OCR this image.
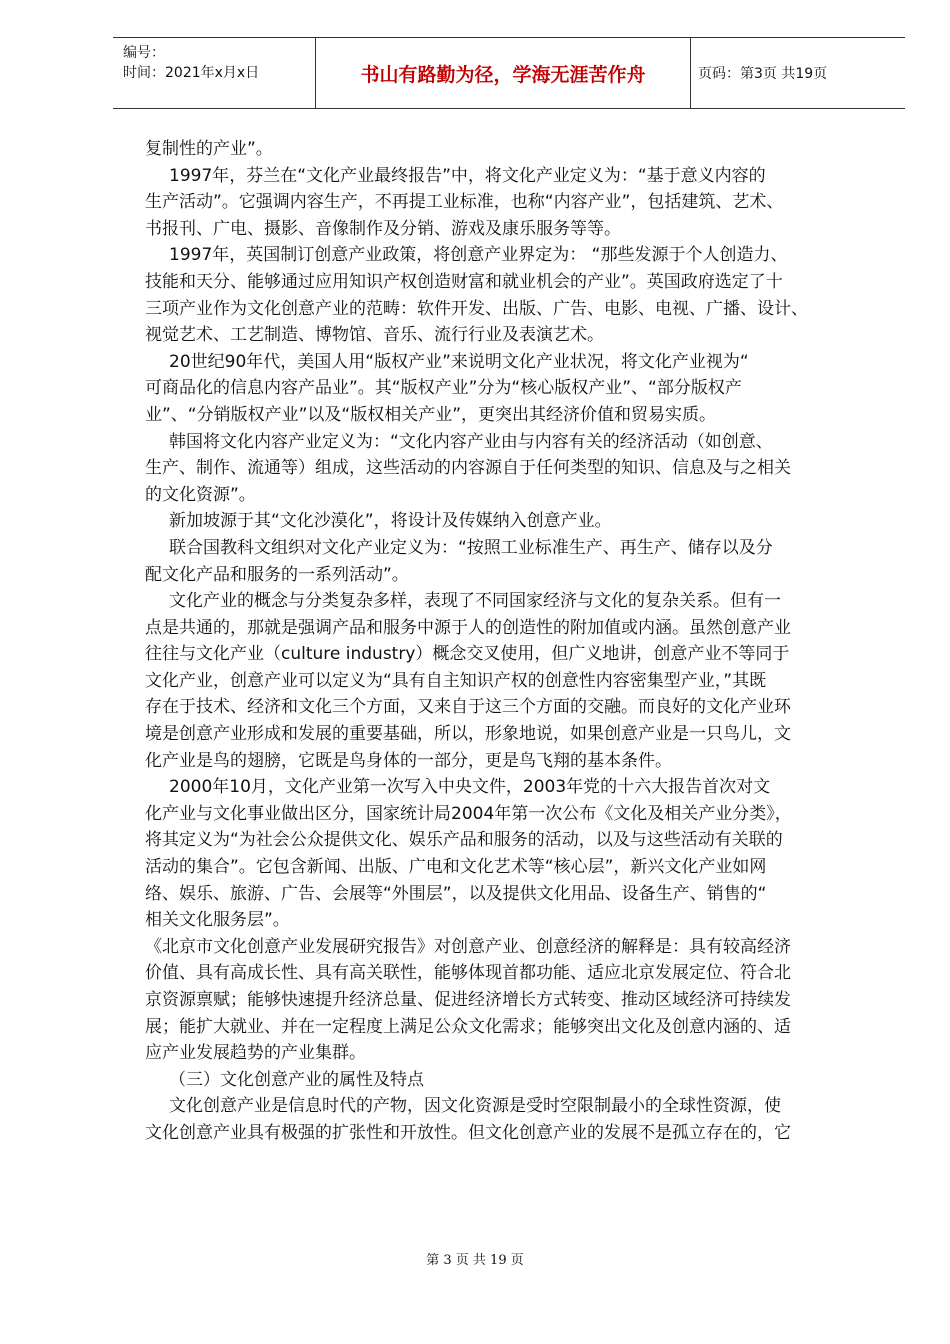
编号：
时间：2021年x月x日	书山有路勤为径，学海无涯苦作舟	页码：第3页 共19页

复制性的产业”。

1997年，芬兰在“文化产业最终报告”中，将文化产业定义为：“基于意义内容的

生产活动”。它强调内容生产，不再提工业标准，也称“内容产业”，包括建筑、艺术、

书报刊、广电、摄影、音像制作及分销、游戏及康乐服务等等。

1997年，英国制订创意产业政策，将创意产业界定为： “那些发源于个人创造力、

技能和天分、能够通过应用知识产权创造财富和就业机会的产业”。英国政府选定了十

三项产业作为文化创意产业的范畴：软件开发、出版、广告、电影、电视、广播、设计、

视觉艺术、工艺制造、博物馆、音乐、流行行业及表演艺术。

20世纪90年代，美国人用“版权产业”来说明文化产业状况，将文化产业视为“

可商品化的信息内容产品业”。其“版权产业”分为“核心版权产业”、“部分版权产

业”、“分销版权产业”以及“版权相关产业”，更突出其经济价值和贸易实质。

韩国将文化内容产业定义为：“文化内容产业由与内容有关的经济活动（如创意、

生产、制作、流通等）组成，这些活动的内容源自于任何类型的知识、信息及与之相关

的文化资源”。

新加坡源于其“文化沙漠化”，将设计及传媒纳入创意产业。

联合国教科文组织对文化产业定义为：“按照工业标准生产、再生产、储存以及分

配文化产品和服务的一系列活动”。

文化产业的概念与分类复杂多样，表现了不同国家经济与文化的复杂关系。但有一

点是共通的，那就是强调产品和服务中源于人的创造性的附加值或内涵。虽然创意产业

往往与文化产业（culture industry）概念交叉使用，但广义地讲，创意产业不等同于

文化产业，创意产业可以定义为“具有自主知识产权的创意性内容密集型产业，”其既

存在于技术、经济和文化三个方面，又来自于这三个方面的交融。而良好的文化产业环

境是创意产业形成和发展的重要基础，所以，形象地说，如果创意产业是一只鸟儿，文

化产业是鸟的翅膀，它既是鸟身体的一部分，更是鸟飞翔的基本条件。

2000年10月，文化产业第一次写入中央文件，2003年党的十六大报告首次对文

化产业与文化事业做出区分，国家统计局2004年第一次公布《文化及相关产业分类》，

将其定义为“为社会公众提供文化、娱乐产品和服务的活动，以及与这些活动有关联的

活动的集合”。它包含新闻、出版、广电和文化艺术等“核心层”，新兴文化产业如网

络、娱乐、旅游、广告、会展等“外围层”，以及提供文化用品、设备生产、销售的“

相关文化服务层”。

《北京市文化创意产业发展研究报告》对创意产业、创意经济的解释是：具有较高经济

价值、具有高成长性、具有高关联性，能够体现首都功能、适应北京发展定位、符合北

京资源禀赋；能够快速提升经济总量、促进经济增长方式转变、推动区域经济可持续发

展；能扩大就业、并在一定程度上满足公众文化需求；能够突出文化及创意内涵的、适

应产业发展趋势的产业集群。

（三）文化创意产业的属性及特点

文化创意产业是信息时代的产物，因文化资源是受时空限制最小的全球性资源，使

文化创意产业具有极强的扩张性和开放性。但文化创意产业的发展不是孤立存在的，它

第 3 页 共 19 页
